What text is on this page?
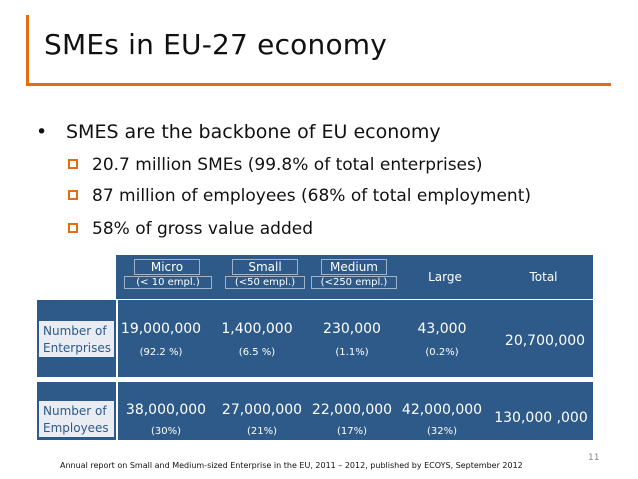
SMEs in EU-27 economy
• SMES are the backbone of EU economy
20.7 million SMEs (99.8% of total enterprises)
87 million of employees (68% of total employment)
58% of gross value added
Micro
(< 10 empl.)
Small
(<50 empl.)
Medium
(<250 empl.)	Large	Total
Number of
Enterprises
19,000,000
(92.2 %)
1,400,000
(6.5 %)
230,000
(1.1%)
43,000
(0.2%)
20,700,000
Number of
Employees
38,000,000
(30%)
27,000,000
(21%)
22,000,000
(17%)
42,000,000
(32%)
130,000 ,000
Annual report on Small and Medium-sized Enterprise in the EU, 2011 – 2012, published by ECOYS, September 2012
11
